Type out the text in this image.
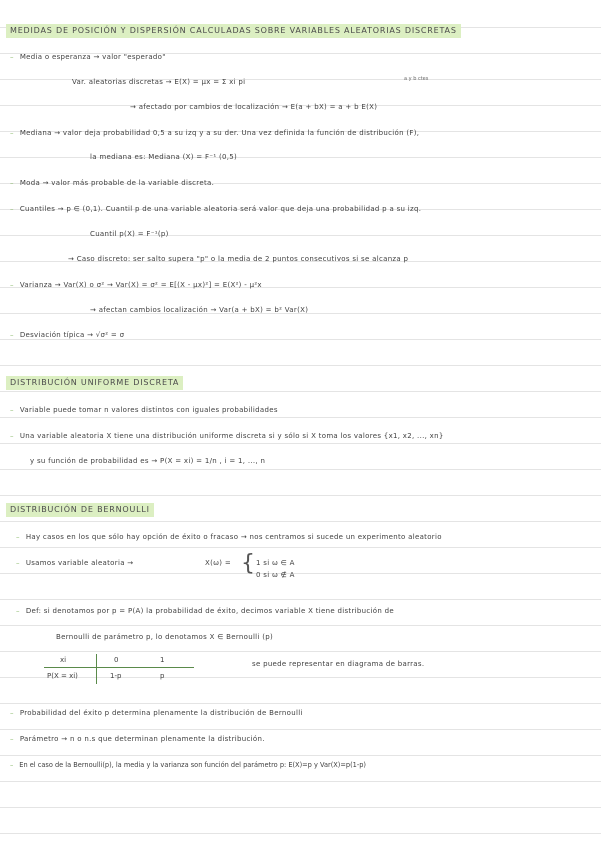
MEDIDAS DE POSICIÓN Y DISPERSIÓN CALCULADAS SOBRE VARIABLES ALEATORIAS DISCRETAS
– Media o esperanza → valor "esperado"
Var. aleatorias discretas → E(X) = μx = Σ xi pi	a y b ctes
→ afectado por cambios de localización → E(a + bX) = a + b E(X)
– Mediana → valor deja probabilidad 0,5 a su izq y a su der. Una vez definida la función de distribución (F),
la mediana es: Mediana (X) = F⁻¹ (0,5)
– Moda → valor más probable de la variable discreta.
– Cuantiles → p ∈ (0,1). Cuantil p de una variable aleatoria será valor que deja una probabilidad p a su izq.
Cuantil p(X) = F⁻¹(p)
→ Caso discreto: ser salto supera "p" o la media de 2 puntos consecutivos si se alcanza p
– Varianza → Var(X) o σ² → Var(X) = σ² = E[(X - μx)²] = E(X²) - μ²x
→ afectan cambios localización → Var(a + bX) = b² Var(X)
– Desviación típica → √σ² = σ
DISTRIBUCIÓN UNIFORME DISCRETA
– Variable puede tomar n valores distintos con iguales probabilidades
– Una variable aleatoria X tiene una distribución uniforme discreta si y sólo si X toma los valores {x1, x2, ..., xn}
y su función de probabilidad es → P(X = xi) = 1/n , i = 1, ..., n
DISTRIBUCIÓN DE BERNOULLI
– Hay casos en los que sólo hay opción de éxito o fracaso → nos centramos si sucede un experimento aleatorio
– Usamos variable aleatoria →	X(ω) = { 1 si ω ∈ A
0 si ω ∉ A
– Def: si denotamos por p = P(A) la probabilidad de éxito, decimos variable X tiene distribución de
Bernoulli de parámetro p, lo denotamos X ∈ Bernoulli (p)
xi
P(X = xi)
0
1-p
1
p
se puede representar en diagrama de barras.
– Probabilidad del éxito p determina plenamente la distribución de Bernoulli
– Parámetro → n o n.s que determinan plenamente la distribución.
– En el caso de la Bernoulli(p), la media y la varianza son función del parámetro p: E(X)=p y Var(X)=p(1-p)
